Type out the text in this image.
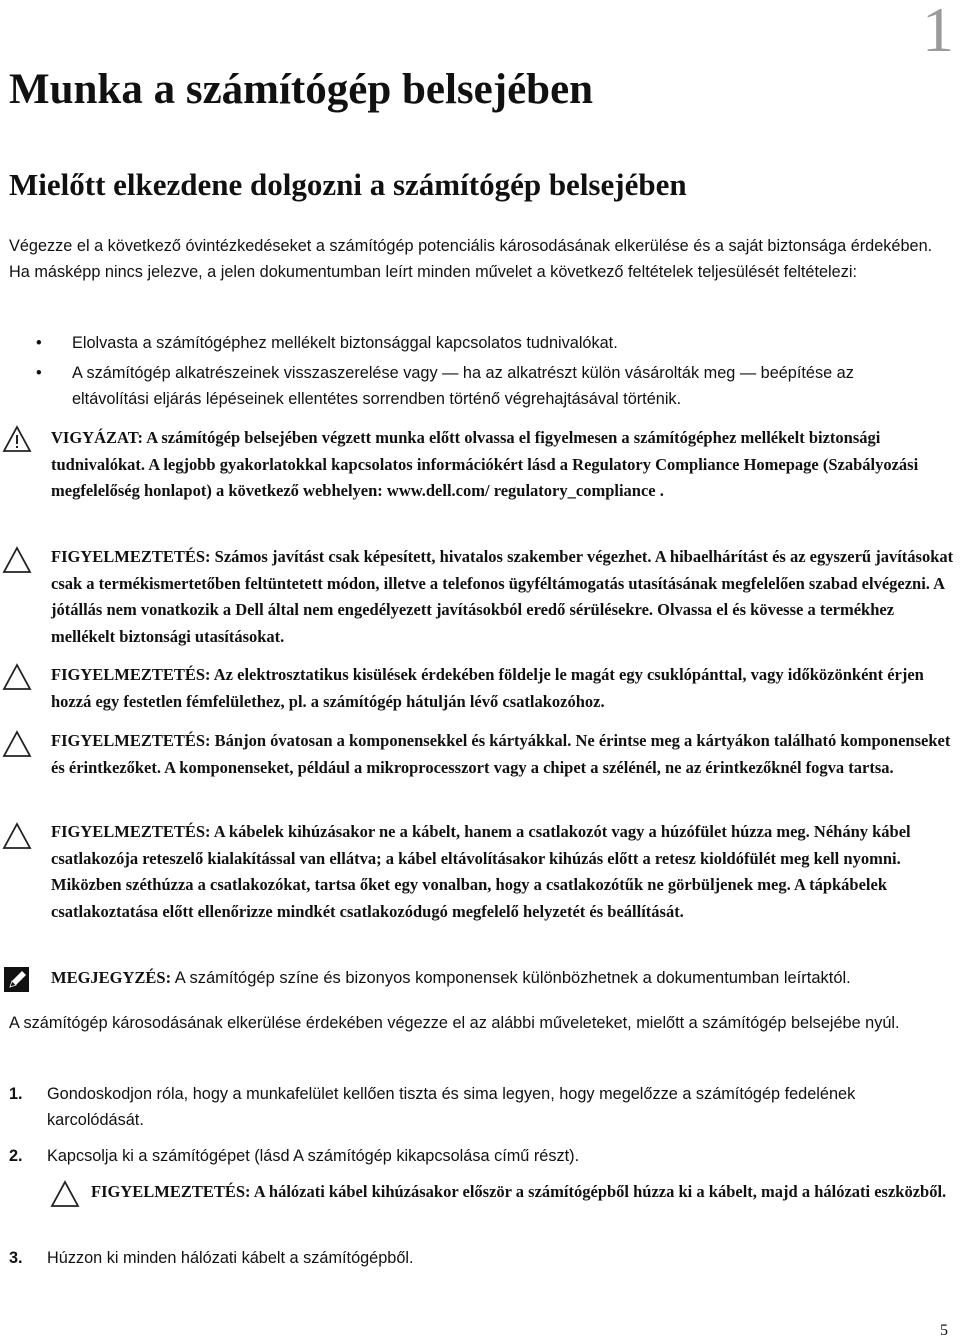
1
Munka a számítógép belsejében
Mielőtt elkezdene dolgozni a számítógép belsejében

Végezze el a következő óvintézkedéseket a számítógép potenciális károsodásának elkerülése és a saját biztonsága érdekében. Ha másképp nincs jelezve, a jelen dokumentumban leírt minden művelet a következő feltételek teljesülését feltételezi:

• Elolvasta a számítógéphez mellékelt biztonsággal kapcsolatos tudnivalókat.
• A számítógép alkatrészeinek visszaszerelése vagy — ha az alkatrészt külön vásárolták meg — beépítése az eltávolítási eljárás lépéseinek ellentétes sorrendben történő végrehajtásával történik.
VIGYÁZAT: A számítógép belsejében végzett munka előtt olvassa el figyelmesen a számítógéphez mellékelt biztonsági tudnivalókat. A legjobb gyakorlatokkal kapcsolatos információkért lásd a Regulatory Compliance Homepage (Szabályozási megfelelőség honlapot) a következő webhelyen: www.dell.com/ regulatory_compliance .
FIGYELMEZTETÉS: Számos javítást csak képesített, hivatalos szakember végezhet. A hibaelhárítást és az egyszerű javításokat csak a termékismertetőben feltüntetett módon, illetve a telefonos ügyféltámogatás utasításának megfelelően szabad elvégezni. A jótállás nem vonatkozik a Dell által nem engedélyezett javításokból eredő sérülésekre. Olvassa el és kövesse a termékhez mellékelt biztonsági utasításokat.
FIGYELMEZTETÉS: Az elektrosztatikus kisülések érdekében földelje le magát egy csuklópánttal, vagy időközönként érjen hozzá egy festetlen fémfelülethez, pl. a számítógép hátulján lévő csatlakozóhoz.
FIGYELMEZTETÉS: Bánjon óvatosan a komponensekkel és kártyákkal. Ne érintse meg a kártyákon található komponenseket és érintkezőket. A komponenseket, például a mikroprocesszort vagy a chipet a szélénél, ne az érintkezőknél fogva tartsa.
FIGYELMEZTETÉS: A kábelek kihúzásakor ne a kábelt, hanem a csatlakozót vagy a húzófület húzza meg. Néhány kábel csatlakozója reteszelő kialakítással van ellátva; a kábel eltávolításakor kihúzás előtt a retesz kioldófülét meg kell nyomni. Miközben széthúzza a csatlakozókat, tartsa őket egy vonalban, hogy a csatlakozótűk ne görbüljenek meg. A tápkábelek csatlakoztatása előtt ellenőrizze mindkét csatlakozódugó megfelelő helyzetét és beállítását.
MEGJEGYZÉS: A számítógép színe és bizonyos komponensek különbözhetnek a dokumentumban leírtaktól.

A számítógép károsodásának elkerülése érdekében végezze el az alábbi műveleteket, mielőtt a számítógép belsejébe nyúl.

1. Gondoskodjon róla, hogy a munkafelület kellően tiszta és sima legyen, hogy megelőzze a számítógép fedelének karcolódását.
2. Kapcsolja ki a számítógépet (lásd A számítógép kikapcsolása című részt).
FIGYELMEZTETÉS: A hálózati kábel kihúzásakor először a számítógépből húzza ki a kábelt, majd a hálózati eszközből.
3. Húzzon ki minden hálózati kábelt a számítógépből.
5
